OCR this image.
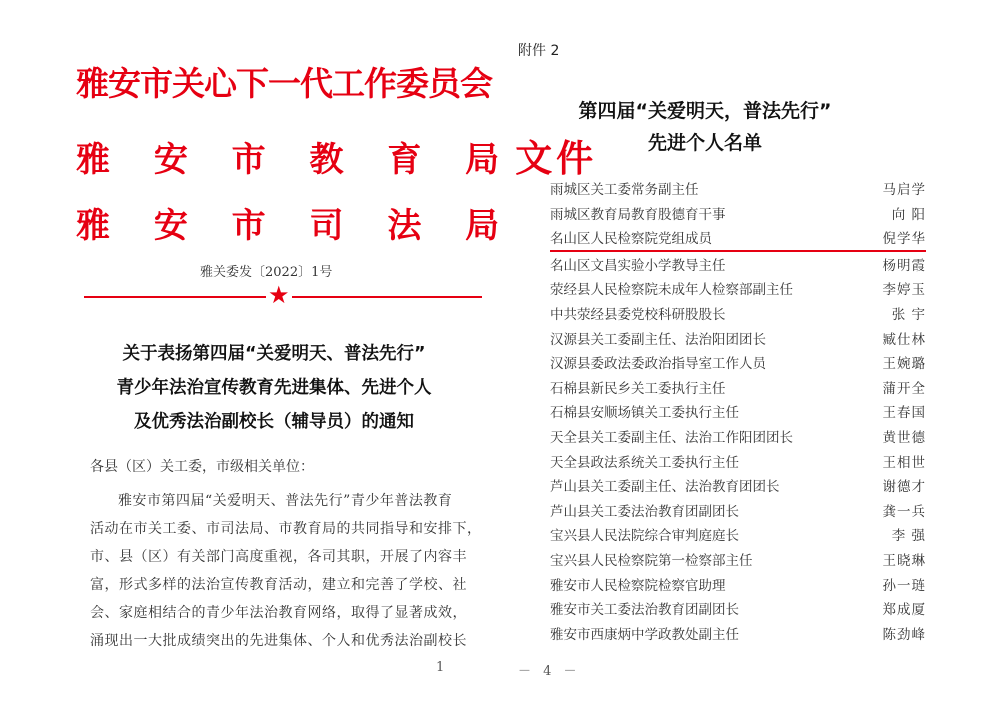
雅安市关心下一代工作委员会
雅 安 市 教 育 局文件
雅 安 市 司 法 局
雅关委发〔2022〕1号
★
关于表扬第四届“关爱明天、普法先行”
青少年法治宣传教育先进集体、先进个人
及优秀法治副校长（辅导员）的通知
各县（区）关工委，市级相关单位：
雅安市第四届“关爱明天、普法先行”青少年普法教育
活动在市关工委、市司法局、市教育局的共同指导和安排下，
市、县（区）有关部门高度重视，各司其职，开展了内容丰
富，形式多样的法治宣传教育活动，建立和完善了学校、社
会、家庭相结合的青少年法治教育网络，取得了显著成效，
涌现出一大批成绩突出的先进集体、个人和优秀法治副校长
1
附件 2
第四届“关爱明天，普法先行”
先进个人名单
雨城区关工委常务副主任	马启学
雨城区教育局教育股德育干事	向 阳
名山区人民检察院党组成员	倪学华
名山区文昌实验小学教导主任	杨明霞
荥经县人民检察院未成年人检察部副主任	李婷玉
中共荥经县委党校科研股股长	张 宇
汉源县关工委副主任、法治阳团团长	臧仕林
汉源县委政法委政治指导室工作人员	王婉璐
石棉县新民乡关工委执行主任	蒲开全
石棉县安顺场镇关工委执行主任	王春国
天全县关工委副主任、法治工作阳团团长	黄世德
天全县政法系统关工委执行主任	王相世
芦山县关工委副主任、法治教育团团长	谢德才
芦山县关工委法治教育团副团长	龚一兵
宝兴县人民法院综合审判庭庭长	李 强
宝兴县人民检察院第一检察部主任	王晓琳
雅安市人民检察院检察官助理	孙一琏
雅安市关工委法治教育团副团长	郑成厦
雅安市西康炳中学政教处副主任	陈劲峰
－ 4 －
